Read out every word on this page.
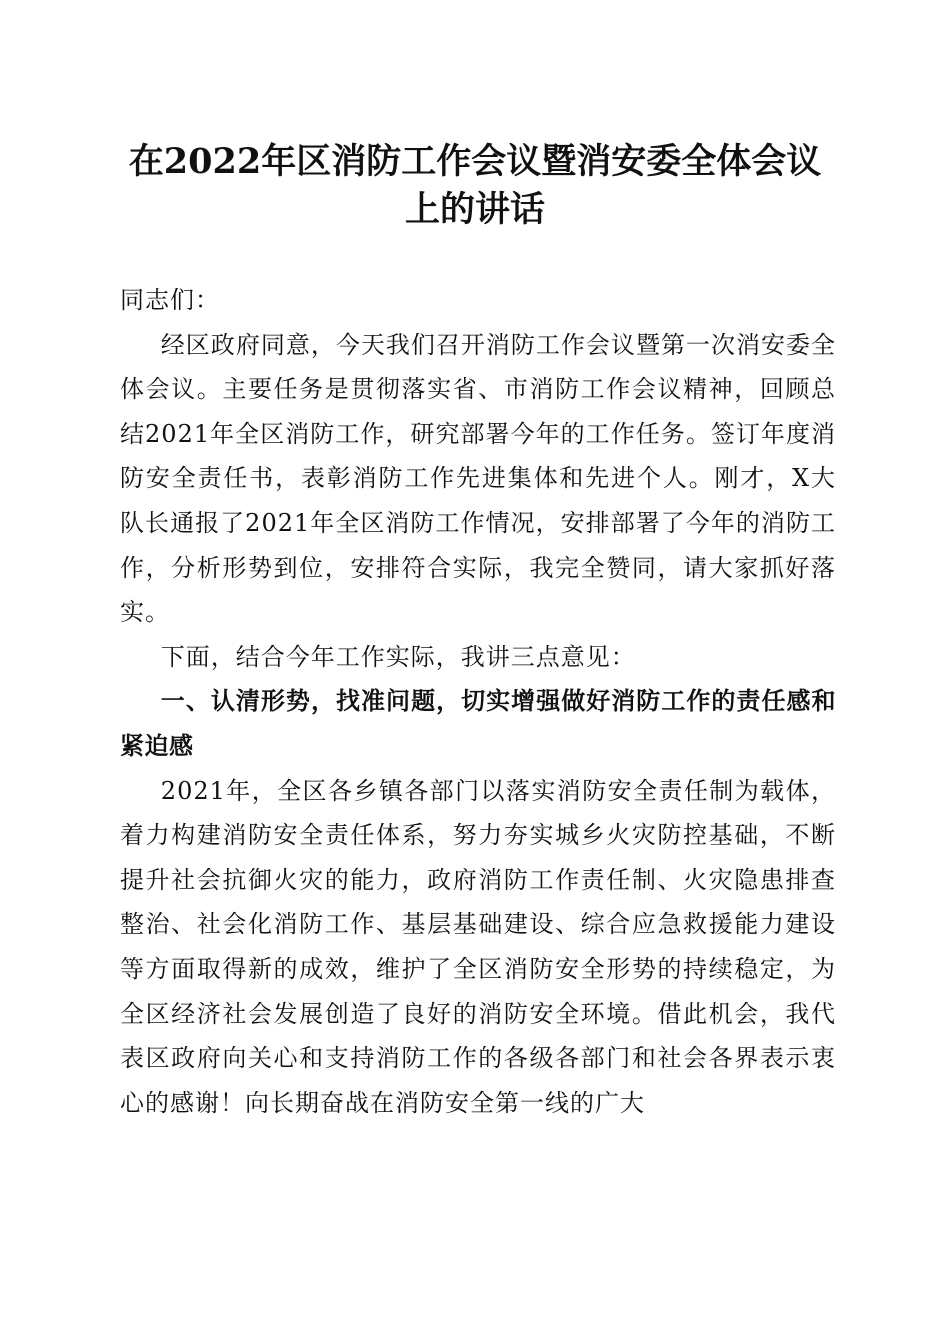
在2022年区消防工作会议暨消安委全体会议
上的讲话

同志们：

经区政府同意，今天我们召开消防工作会议暨第一次消安委全体会议。主要任务是贯彻落实省、市消防工作会议精神，回顾总结2021年全区消防工作，研究部署今年的工作任务。签订年度消防安全责任书，表彰消防工作先进集体和先进个人。刚才，X大队长通报了2021年全区消防工作情况，安排部署了今年的消防工作，分析形势到位，安排符合实际，我完全赞同，请大家抓好落实。

下面，结合今年工作实际，我讲三点意见：

一、认清形势，找准问题，切实增强做好消防工作的责任感和紧迫感

2021年，全区各乡镇各部门以落实消防安全责任制为载体，着力构建消防安全责任体系，努力夯实城乡火灾防控基础，不断提升社会抗御火灾的能力，政府消防工作责任制、火灾隐患排查整治、社会化消防工作、基层基础建设、综合应急救援能力建设等方面取得新的成效，维护了全区消防安全形势的持续稳定，为全区经济社会发展创造了良好的消防安全环境。借此机会，我代表区政府向关心和支持消防工作的各级各部门和社会各界表示衷心的感谢！向长期奋战在消防安全第一线的广大
